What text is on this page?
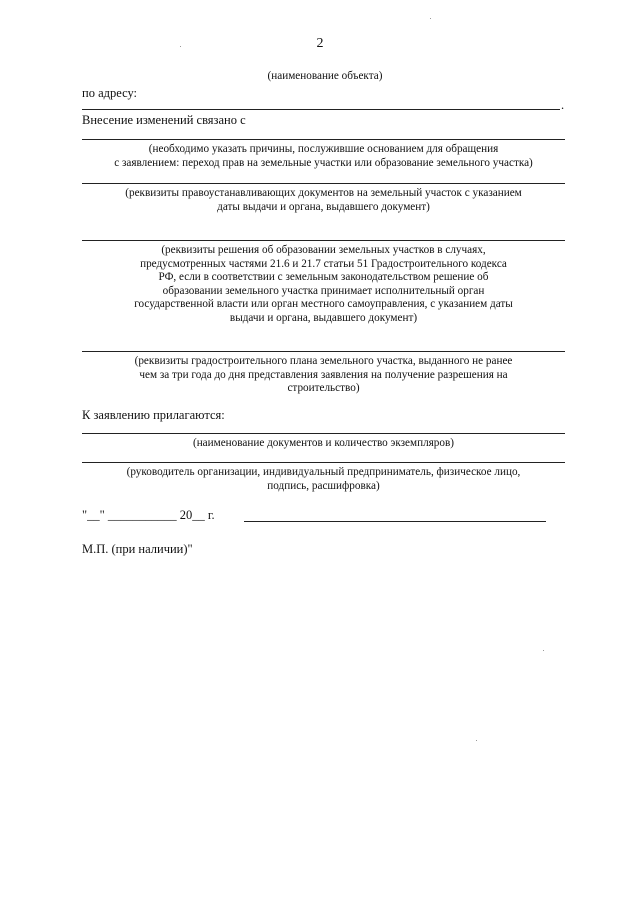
2
(наименование объекта)
по адресу:
.
Внесение изменений связано с
(необходимо указать причины, послужившие основанием для обращения
с заявлением: переход прав на земельные участки или образование земельного участка)
(реквизиты правоустанавливающих документов на земельный участок с указанием
даты выдачи и органа, выдавшего документ)
(реквизиты решения об образовании земельных участков в случаях,
предусмотренных частями 21.6 и 21.7 статьи 51 Градостроительного кодекса
РФ, если в соответствии с земельным законодательством решение об
образовании земельного участка принимает исполнительный орган
государственной власти или орган местного самоуправления, с указанием даты
выдачи и органа, выдавшего документ)
(реквизиты градостроительного плана земельного участка, выданного не ранее
чем за три года до дня представления заявления на получение разрешения на
строительство)
К заявлению прилагаются:
(наименование документов и количество экземпляров)
(руководитель организации, индивидуальный предприниматель, физическое лицо,
подпись, расшифровка)
"__" ___________ 20__ г.
М.П. (при наличии)"
